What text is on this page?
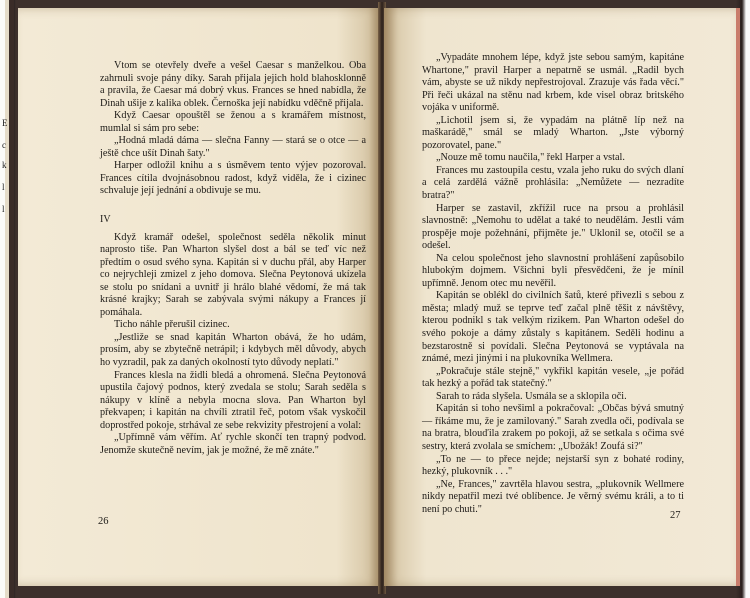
E
c
k
l
l

Vtom se otevřely dveře a vešel Caesar s manželkou. Oba zahrnuli svoje pány díky. Sarah přijala jejich hold blahosklonně a pravila, že Caesar má dobrý vkus. Frances se hned nabídla, že Dinah ušije z kalika oblek. Černoška její nabídku vděčně přijala.

Když Caesar opouštěl se ženou a s kramářem místnost, mumlal si sám pro sebe:

„Hodná mladá dáma — slečna Fanny — stará se o otce — a ještě chce ušít Dinah šaty."

Harper odložil knihu a s úsměvem tento výjev pozoroval. Frances cítila dvojnásobnou radost, když viděla, že i cizinec schvaluje její jednání a obdivuje se mu.

IV

Když kramář odešel, společnost seděla několik minut naprosto tiše. Pan Wharton slyšel dost a bál se teď víc než předtím o osud svého syna. Kapitán si v duchu přál, aby Harper co nejrychleji zmizel z jeho domova. Slečna Peytonová ukízela se stolu po snídani a uvnitř ji hrálo blahé vědomí, že má tak krásné krajky; Sarah se zabývala svými nákupy a Frances jí pomáhala.

Ticho náhle přerušil cizinec.

„Jestliže se snad kapitán Wharton obává, že ho udám, prosím, aby se zbytečně netrápil; i kdybych měl důvody, abych ho vyzradil, pak za daných okolností tyto důvody neplatí."

Frances klesla na židli bledá a ohromená. Slečna Peytonová upustila čajový podnos, který zvedala se stolu; Sarah seděla s nákupy v klíně a nebyla mocna slova. Pan Wharton byl překvapen; i kapitán na chvíli ztratil řeč, potom však vyskočil doprostřed pokoje, strhával ze sebe rekvizity přestrojení a volal:

„Upřímně vám věřím. Ať rychle skončí ten trapný podvod. Jenomže skutečně nevím, jak je možné, že mě znáte."

26

„Vypadáte mnohem lépe, když jste sebou samým, kapitáne Whartone," pravil Harper a nepatrně se usmál. „Radil bych vám, abyste se už nikdy nepřestrojoval. Zrazuje vás řada věcí." Při řeči ukázal na stěnu nad krbem, kde visel obraz britského vojáka v uniformě.

„Lichotil jsem si, že vypadám na plátně líp než na maškarádě," smál se mladý Wharton. „Jste výborný pozorovatel, pane."

„Nouze mě tomu naučila," řekl Harper a vstal.

Frances mu zastoupila cestu, vzala jeho ruku do svých dlaní a celá zardělá vážně prohlásila: „Nemůžete — nezradíte bratra?"

Harper se zastavil, zkřížil ruce na prsou a prohlásil slavnostně: „Nemohu to udělat a také to neudělám. Jestli vám prospěje moje požehnání, přijměte je." Uklonil se, otočil se a odešel.

Na celou společnost jeho slavnostní prohlášení zapůsobilo hlubokým dojmem. Všichni byli přesvědčeni, že je mínil upřímně. Jenom otec mu nevěřil.

Kapitán se oblékl do civilních šatů, které přivezli s sebou z města; mladý muž se teprve teď začal plně těšit z návštěvy, kterou podnikl s tak velkým rizikem. Pan Wharton odešel do svého pokoje a dámy zůstaly s kapitánem. Seděli hodinu a bezstarostně si povídali. Slečna Peytonová se vyptávala na známé, mezi jinými i na plukovníka Wellmera.

„Pokračuje stále stejně," vykřikl kapitán vesele, „je pořád tak hezký a pořád tak statečný."

Sarah to ráda slyšela. Usmála se a sklopila oči.

Kapitán si toho nevšiml a pokračoval: „Občas bývá smutný — říkáme mu, že je zamilovaný." Sarah zvedla oči, podívala se na bratra, blouďila zrakem po pokoji, až se setkala s očima své sestry, která zvolala se smíchem: „Ubožák! Zoufá si?"

„To ne — to přece nejde; nejstarší syn z bohaté rodiny, hezký, plukovník . . ."

„Ne, Frances," zavrtěla hlavou sestra, „plukovník Wellmere nikdy nepatřil mezi tvé oblíbence. Je věrný svému králi, a to ti není po chuti."

27
